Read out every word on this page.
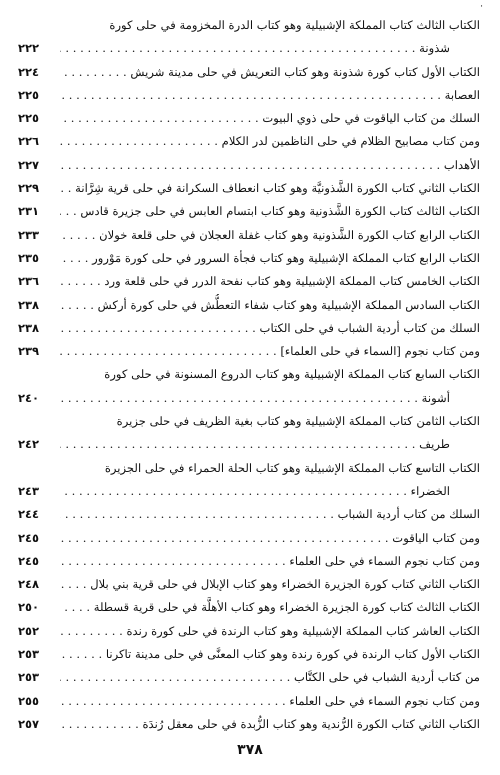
·
الكتاب الثالث كتاب المملكة الإشبيلية وهو كتاب الدرة المخزومة في حلى كورة
شذونة . . .
٢٢٢
الكتاب الأول كتاب كورة شذونة وهو كتاب التعريش في حلى مدينة شريش . . .
٢٢٤
العصابة . . .
٢٢٥
السلك من كتاب الياقوت في حلى ذوي البيوت . . .
٢٢٥
ومن كتاب مصابيح الظلام في حلى الناظمين لدر الكلام . . .
٢٢٦
الأهداب . . .
٢٢٧
الكتاب الثاني كتاب الكورة الشَّذونيَّة وهو كتاب انعطاف السكرانة في حلى قرية شِرَّانة . . .
٢٢٩
الكتاب الثالث كتاب الكورة الشَّذونية وهو كتاب ابتسام العابس في حلى جزيرة قادس . . .
٢٣١
الكتاب الرابع كتاب الكورة الشَّذونية وهو كتاب غفلة العجلان في حلى قلعة خولان . . .
٢٣٣
الكتاب الرابع كتاب المملكة الإشبيلية وهو كتاب فجأة السرور في حلى كورة مَوْرور . . .
٢٣٥
الكتاب الخامس كتاب المملكة الإشبيلية وهو كتاب نفحة الدرر في حلى قلعة ورد . . .
٢٣٦
الكتاب السادس المملكة الإشبيلية وهو كتاب شفاء التعطُّش في حلى كورة أركش . . .
٢٣٨
السلك من كتاب أردية الشباب في حلى الكتاب . . .
٢٣٨
ومن كتاب نجوم [السماء في حلى العلماء] . . .
٢٣٩
الكتاب السابع كتاب المملكة الإشبيلية وهو كتاب الدروع المسنونة في حلى كورة
أشونة . . .
٢٤٠
الكتاب الثامن كتاب المملكة الإشبيلية وهو كتاب بغية الظريف في حلى جزيرة
طريف . . .
٢٤٢
الكتاب التاسع كتاب المملكة الإشبيلية وهو كتاب الحلة الحمراء في حلى الجزيرة
الخضراء . . .
٢٤٣
السلك من كتاب أردية الشباب . . .
٢٤٤
ومن كتاب الياقوت . . .
٢٤٥
ومن كتاب نجوم السماء في حلى العلماء . . .
٢٤٥
الكتاب الثاني كتاب كورة الجزيرة الخضراء وهو كتاب الإبلال في حلى قرية بني بلال . . .
٢٤٨
الكتاب الثالث كتاب كورة الجزيرة الخضراء وهو كتاب الأهلَّة في حلى قرية قسطلة . . .
٢٥٠
الكتاب العاشر كتاب المملكة الإشبيلية وهو كتاب الرندة في حلى كورة رندة . . .
٢٥٢
الكتاب الأول كتاب الرندة في كورة رندة وهو كتاب المعنَّى في حلى مدينة تاكرنا . . .
٢٥٣
من كتاب أردية الشباب في حلى الكتَّاب . . .
٢٥٣
ومن كتاب نجوم السماء في حلى العلماء . . .
٢٥٥
الكتاب الثاني كتاب الكورة الرُّندية وهو كتاب الزُّبدة في حلى معقل رُندَة . . .
٢٥٧
٣٧٨
